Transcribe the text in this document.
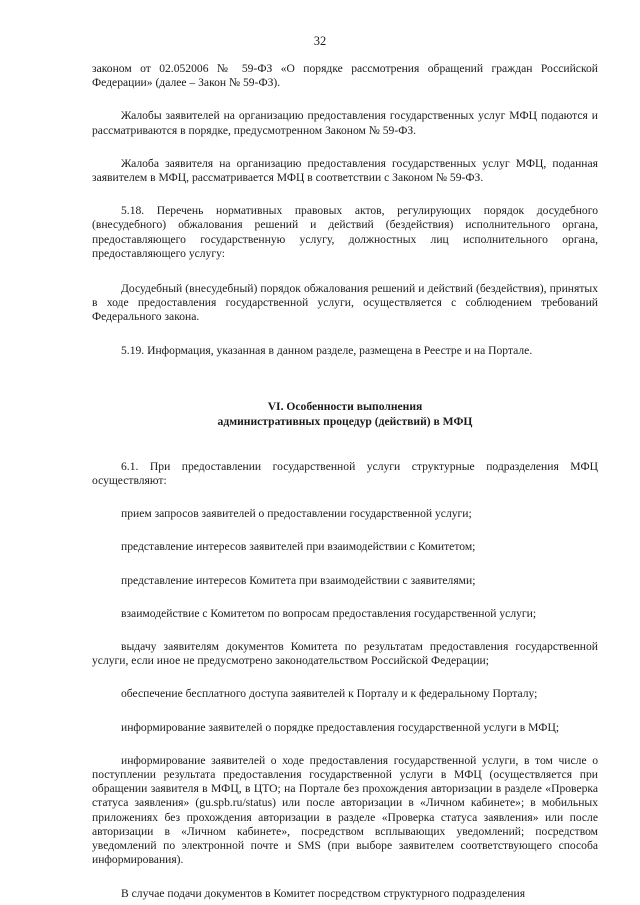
32

законом от 02.052006 № 59-ФЗ «О порядке рассмотрения обращений граждан Российской Федерации» (далее – Закон № 59-ФЗ).

Жалобы заявителей на организацию предоставления государственных услуг МФЦ подаются и рассматриваются в порядке, предусмотренном Законом № 59-ФЗ.

Жалоба заявителя на организацию предоставления государственных услуг МФЦ, поданная заявителем в МФЦ, рассматривается МФЦ в соответствии с Законом № 59-ФЗ.

5.18. Перечень нормативных правовых актов, регулирующих порядок досудебного (внесудебного) обжалования решений и действий (бездействия) исполнительного органа, предоставляющего государственную услугу, должностных лиц исполнительного органа, предоставляющего услугу:

Досудебный (внесудебный) порядок обжалования решений и действий (бездействия), принятых в ходе предоставления государственной услуги, осуществляется с соблюдением требований Федерального закона.

5.19. Информация, указанная в данном разделе, размещена в Реестре и на Портале.

VI. Особенности выполнения
административных процедур (действий) в МФЦ

6.1. При предоставлении государственной услуги структурные подразделения МФЦ осуществляют:

прием запросов заявителей о предоставлении государственной услуги;

представление интересов заявителей при взаимодействии с Комитетом;

представление интересов Комитета при взаимодействии с заявителями;

взаимодействие с Комитетом по вопросам предоставления государственной услуги;

выдачу заявителям документов Комитета по результатам предоставления государственной услуги, если иное не предусмотрено законодательством Российской Федерации;

обеспечение бесплатного доступа заявителей к Порталу и к федеральному Порталу;

информирование заявителей о порядке предоставления государственной услуги в МФЦ;

информирование заявителей о ходе предоставления государственной услуги, в том числе о поступлении результата предоставления государственной услуги в МФЦ (осуществляется при обращении заявителя в МФЦ, в ЦТО; на Портале без прохождения авторизации в разделе «Проверка статуса заявления» (gu.spb.ru/status) или после авторизации в «Личном кабинете»; в мобильных приложениях без прохождения авторизации в разделе «Проверка статуса заявления» или после авторизации в «Личном кабинете», посредством всплывающих уведомлений; посредством уведомлений по электронной почте и SMS (при выборе заявителем соответствующего способа информирования).

В случае подачи документов в Комитет посредством структурного подразделения
